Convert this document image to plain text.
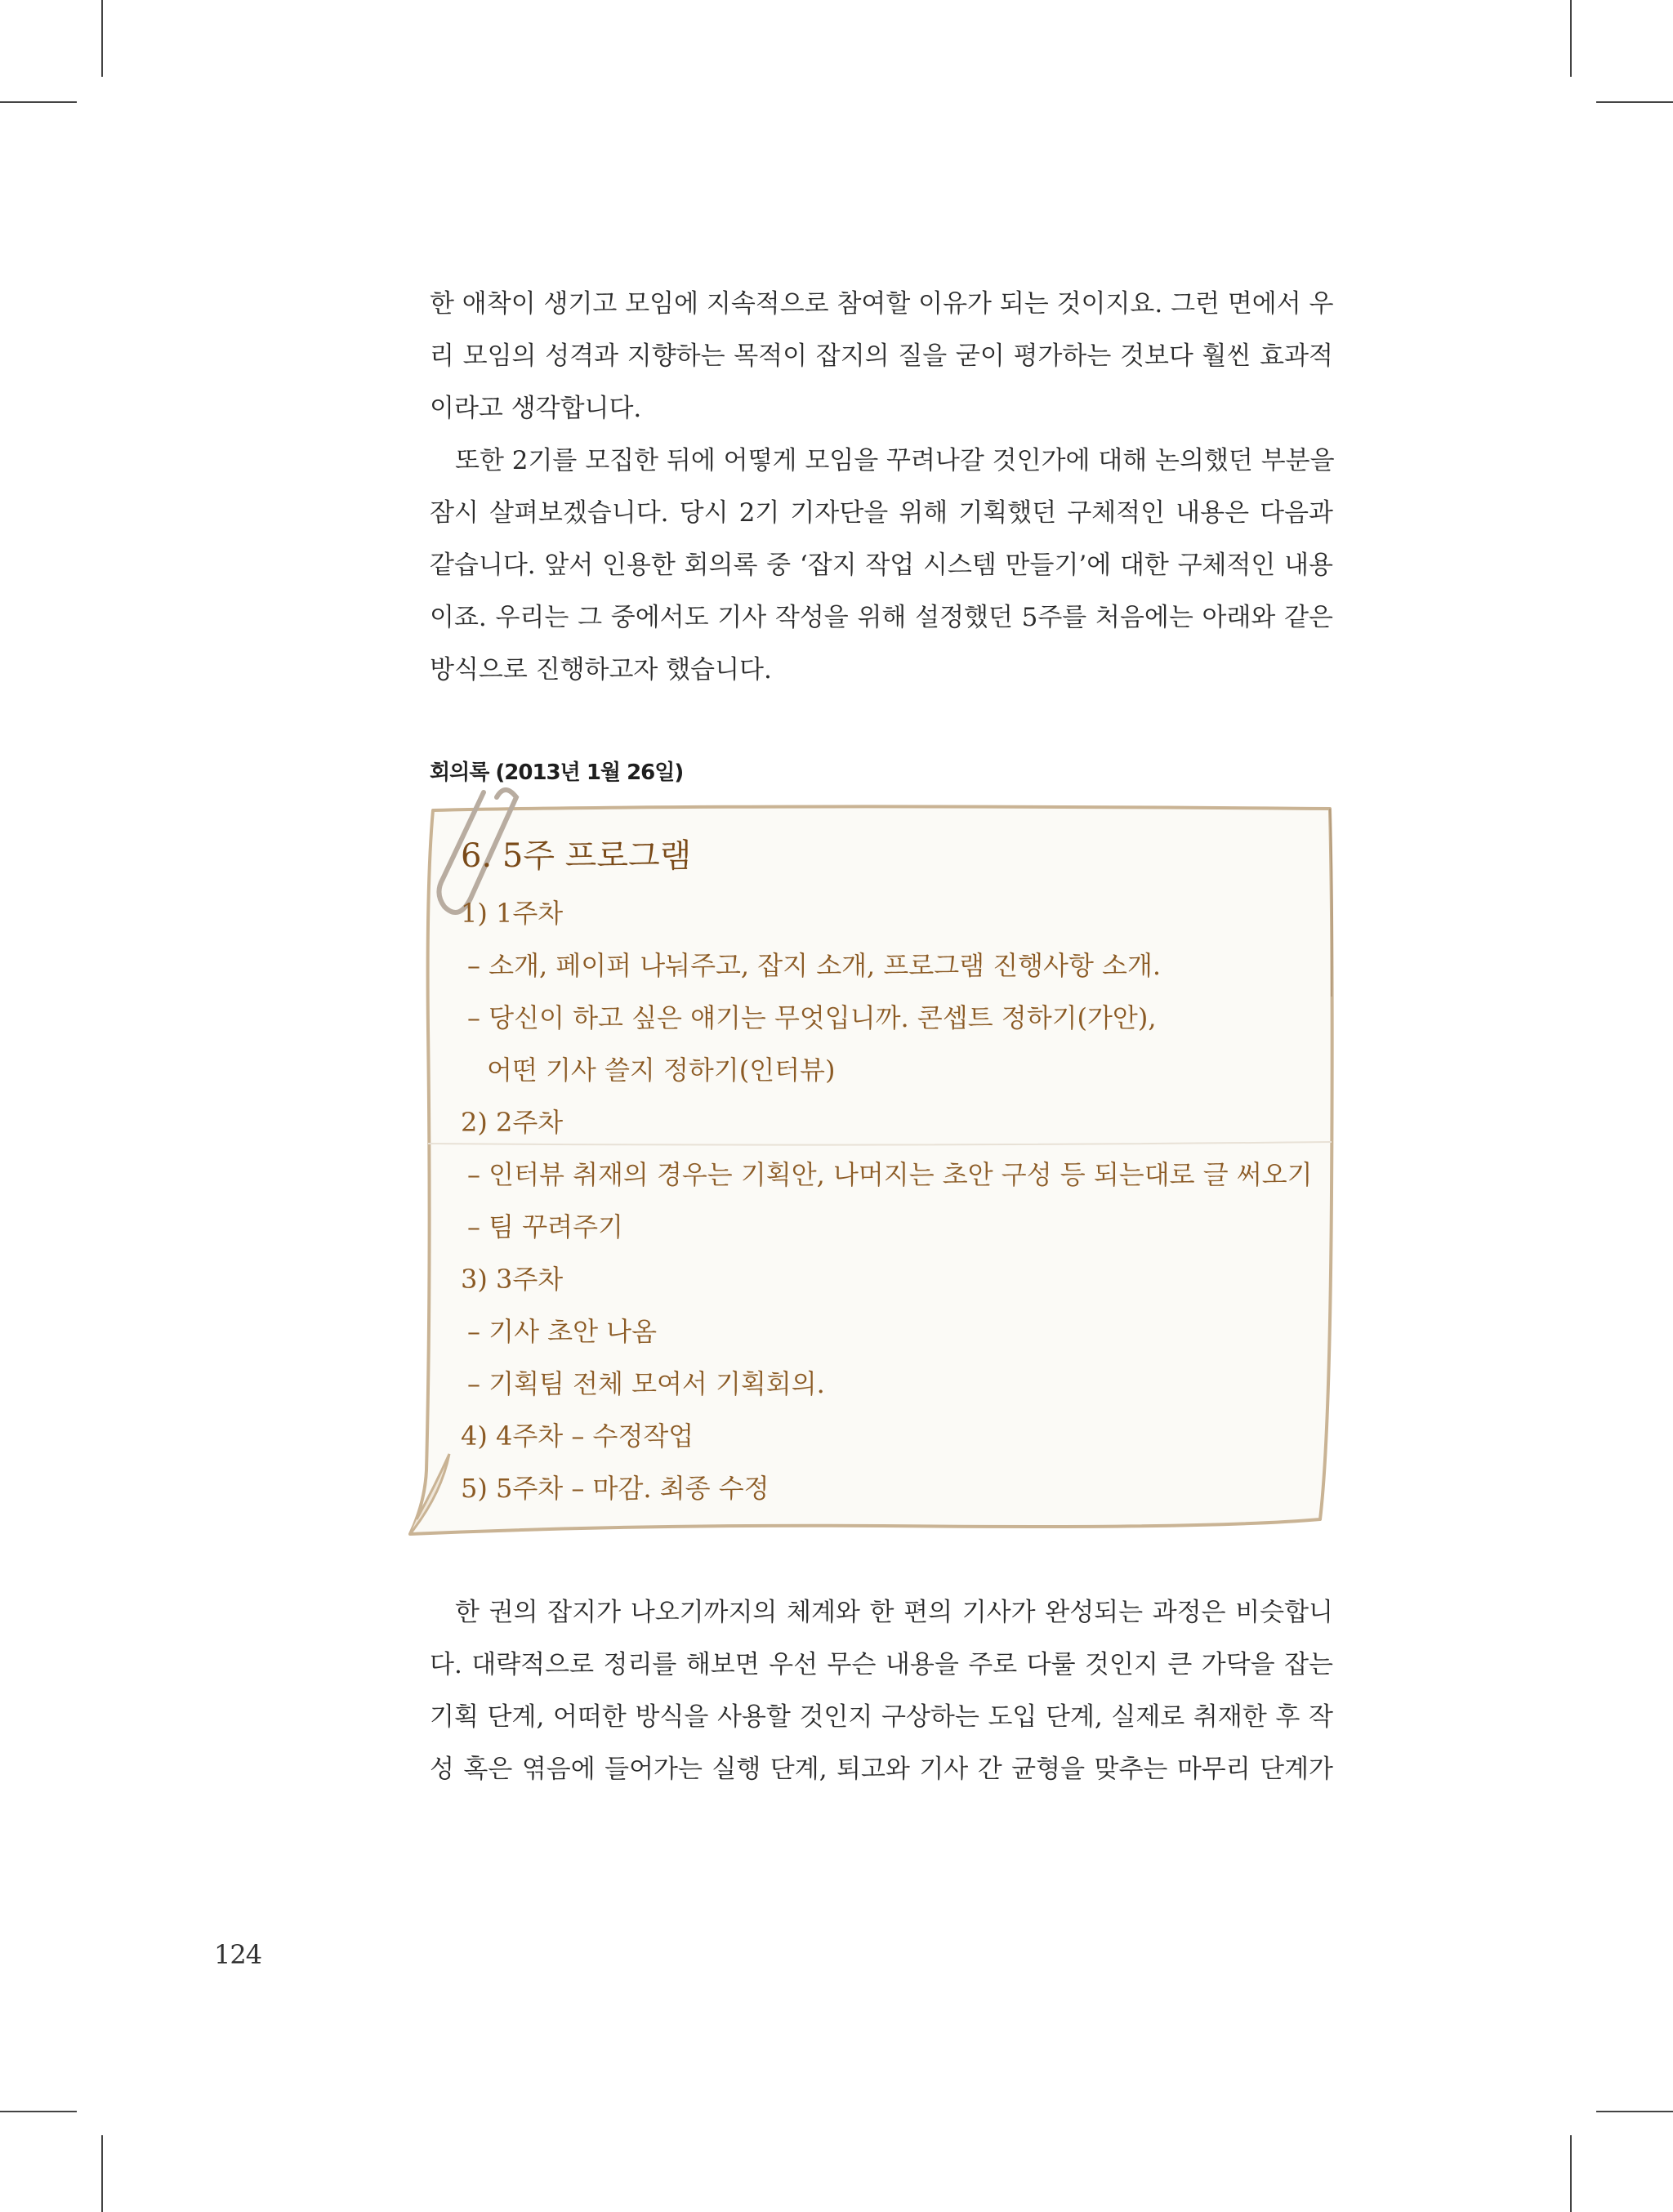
한 애착이 생기고 모임에 지속적으로 참여할 이유가 되는 것이지요. 그런 면에서 우
리 모임의 성격과 지향하는 목적이 잡지의 질을 굳이 평가하는 것보다 훨씬 효과적
이라고 생각합니다.
또한 2기를 모집한 뒤에 어떻게 모임을 꾸려나갈 것인가에 대해 논의했던 부분을
잠시 살펴보겠습니다. 당시 2기 기자단을 위해 기획했던 구체적인 내용은 다음과
같습니다. 앞서 인용한 회의록 중 ‘잡지 작업 시스템 만들기’에 대한 구체적인 내용
이죠. 우리는 그 중에서도 기사 작성을 위해 설정했던 5주를 처음에는 아래와 같은
방식으로 진행하고자 했습니다.
회의록 (2013년 1월 26일)
6. 5주 프로그램
1) 1주차
– 소개, 페이퍼 나눠주고, 잡지 소개, 프로그램 진행사항 소개.
– 당신이 하고 싶은 얘기는 무엇입니까. 콘셉트 정하기(가안),
어떤 기사 쓸지 정하기(인터뷰)
2) 2주차
– 인터뷰 취재의 경우는 기획안, 나머지는 초안 구성 등 되는대로 글 써오기
– 팀 꾸려주기
3) 3주차
– 기사 초안 나옴
– 기획팀 전체 모여서 기획회의.
4) 4주차 – 수정작업
5) 5주차 – 마감. 최종 수정
한 권의 잡지가 나오기까지의 체계와 한 편의 기사가 완성되는 과정은 비슷합니
다. 대략적으로 정리를 해보면 우선 무슨 내용을 주로 다룰 것인지 큰 가닥을 잡는
기획 단계, 어떠한 방식을 사용할 것인지 구상하는 도입 단계, 실제로 취재한 후 작
성 혹은 엮음에 들어가는 실행 단계, 퇴고와 기사 간 균형을 맞추는 마무리 단계가
124
